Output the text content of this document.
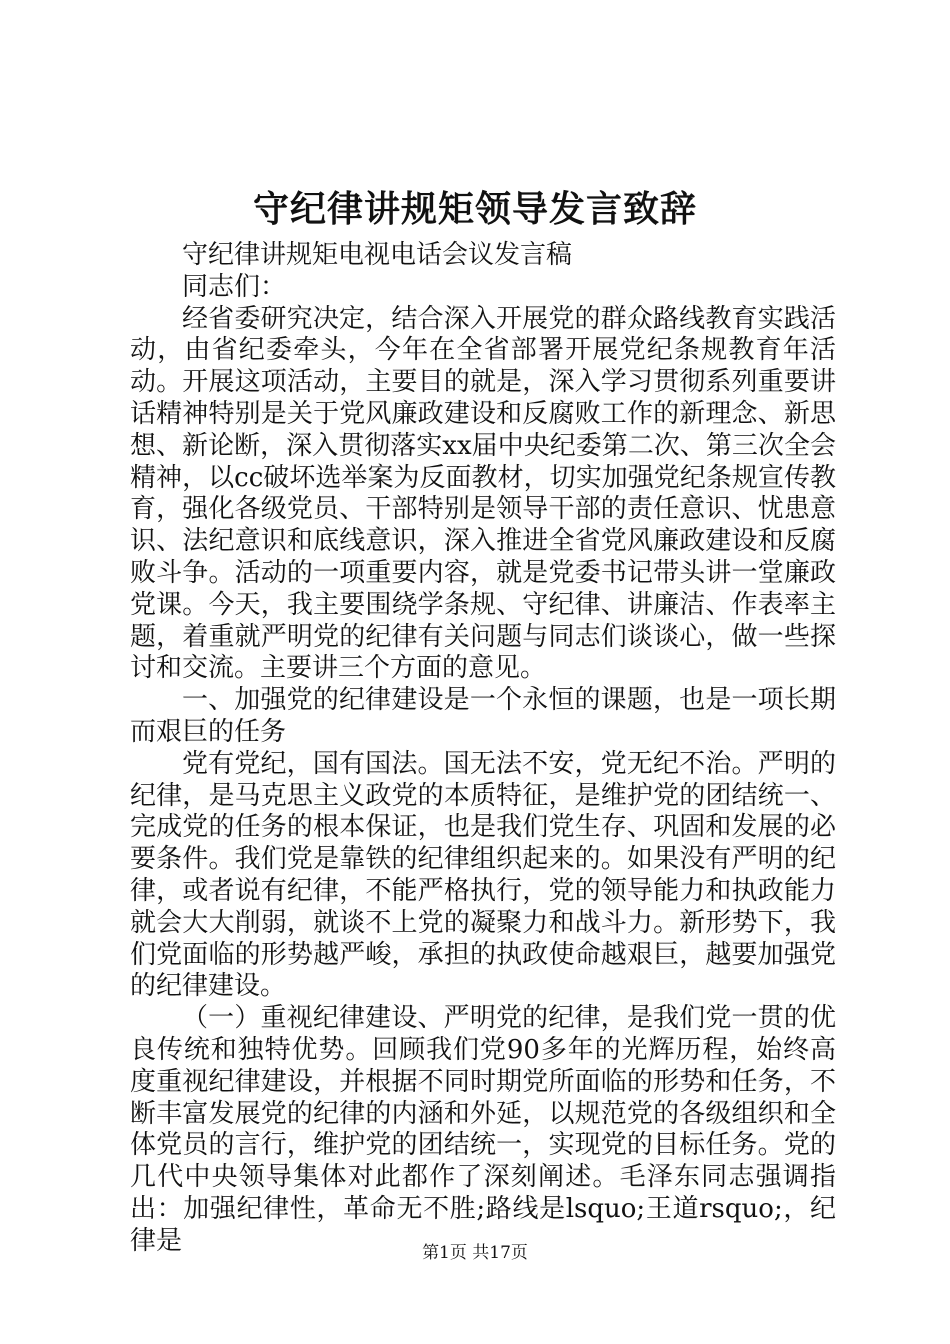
守纪律讲规矩领导发言致辞

守纪律讲规矩电视电话会议发言稿

同志们：

经省委研究决定，结合深入开展党的群众路线教育实践活动，由省纪委牵头，今年在全省部署开展党纪条规教育年活动。开展这项活动，主要目的就是，深入学习贯彻系列重要讲话精神特别是关于党风廉政建设和反腐败工作的新理念、新思想、新论断，深入贯彻落实xx届中央纪委第二次、第三次全会精神，以cc破坏选举案为反面教材，切实加强党纪条规宣传教育，强化各级党员、干部特别是领导干部的责任意识、忧患意识、法纪意识和底线意识，深入推进全省党风廉政建设和反腐败斗争。活动的一项重要内容，就是党委书记带头讲一堂廉政党课。今天，我主要围绕学条规、守纪律、讲廉洁、作表率主题，着重就严明党的纪律有关问题与同志们谈谈心，做一些探讨和交流。主要讲三个方面的意见。

一、加强党的纪律建设是一个永恒的课题，也是一项长期而艰巨的任务

党有党纪，国有国法。国无法不安，党无纪不治。严明的纪律，是马克思主义政党的本质特征，是维护党的团结统一、完成党的任务的根本保证，也是我们党生存、巩固和发展的必要条件。我们党是靠铁的纪律组织起来的。如果没有严明的纪律，或者说有纪律，不能严格执行，党的领导能力和执政能力就会大大削弱，就谈不上党的凝聚力和战斗力。新形势下，我们党面临的形势越严峻，承担的执政使命越艰巨，越要加强党的纪律建设。

（一）重视纪律建设、严明党的纪律，是我们党一贯的优良传统和独特优势。回顾我们党90多年的光辉历程，始终高度重视纪律建设，并根据不同时期党所面临的形势和任务，不断丰富发展党的纪律的内涵和外延，以规范党的各级组织和全体党员的言行，维护党的团结统一，实现党的目标任务。党的几代中央领导集体对此都作了深刻阐述。毛泽东同志强调指出：加强纪律性，革命无不胜;路线是lsquo;王道rsquo;，纪律是	第1页 共17页
